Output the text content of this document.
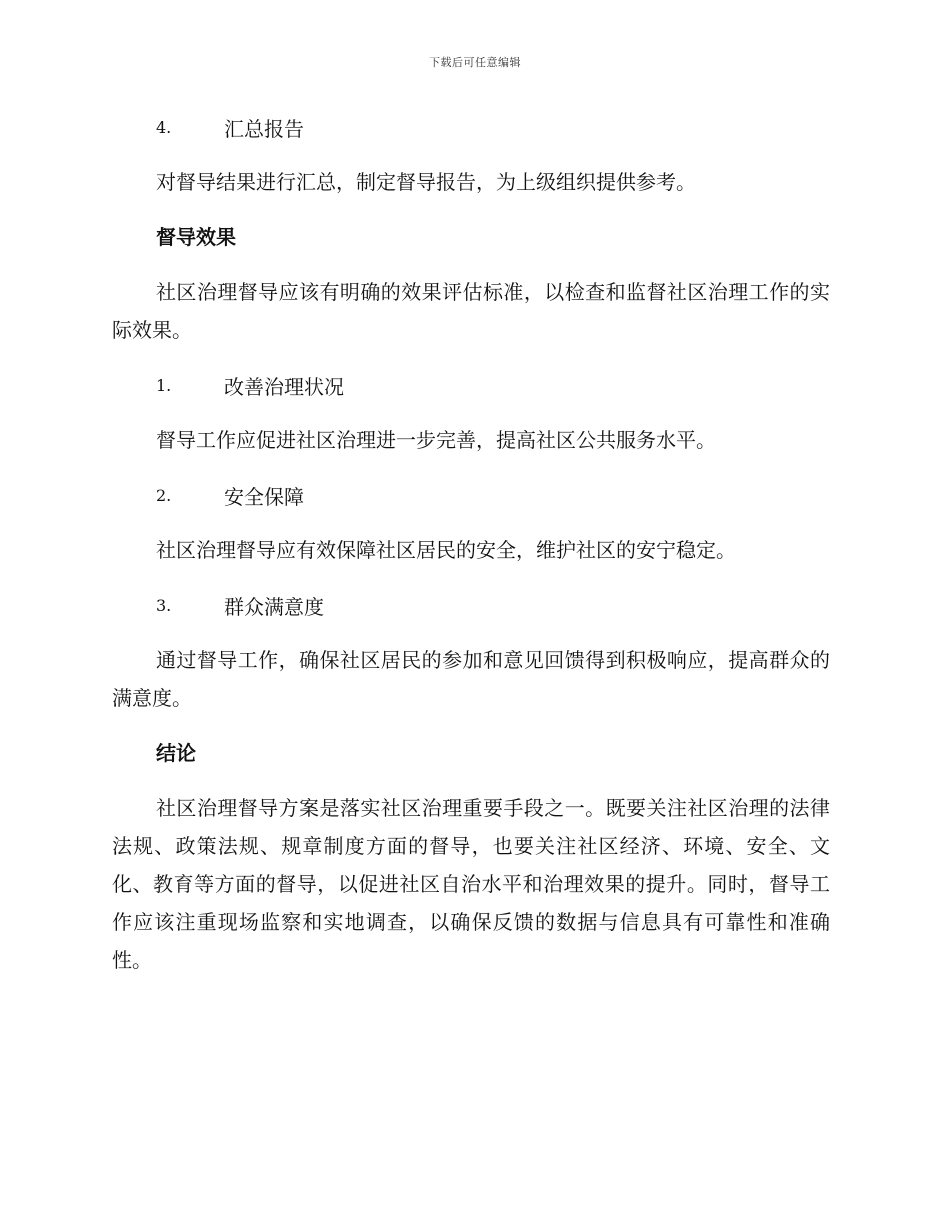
下载后可任意编辑
4.	汇总报告

对督导结果进行汇总，制定督导报告，为上级组织提供参考。

督导效果

社区治理督导应该有明确的效果评估标准，以检查和监督社区治理工作的实际效果。

1.	改善治理状况

督导工作应促进社区治理进一步完善，提高社区公共服务水平。

2.	安全保障

社区治理督导应有效保障社区居民的安全，维护社区的安宁稳定。

3.	群众满意度

通过督导工作，确保社区居民的参加和意见回馈得到积极响应，提高群众的满意度。

结论

社区治理督导方案是落实社区治理重要手段之一。既要关注社区治理的法律法规、政策法规、规章制度方面的督导，也要关注社区经济、环境、安全、文化、教育等方面的督导，以促进社区自治水平和治理效果的提升。同时，督导工作应该注重现场监察和实地调查，以确保反馈的数据与信息具有可靠性和准确性。
